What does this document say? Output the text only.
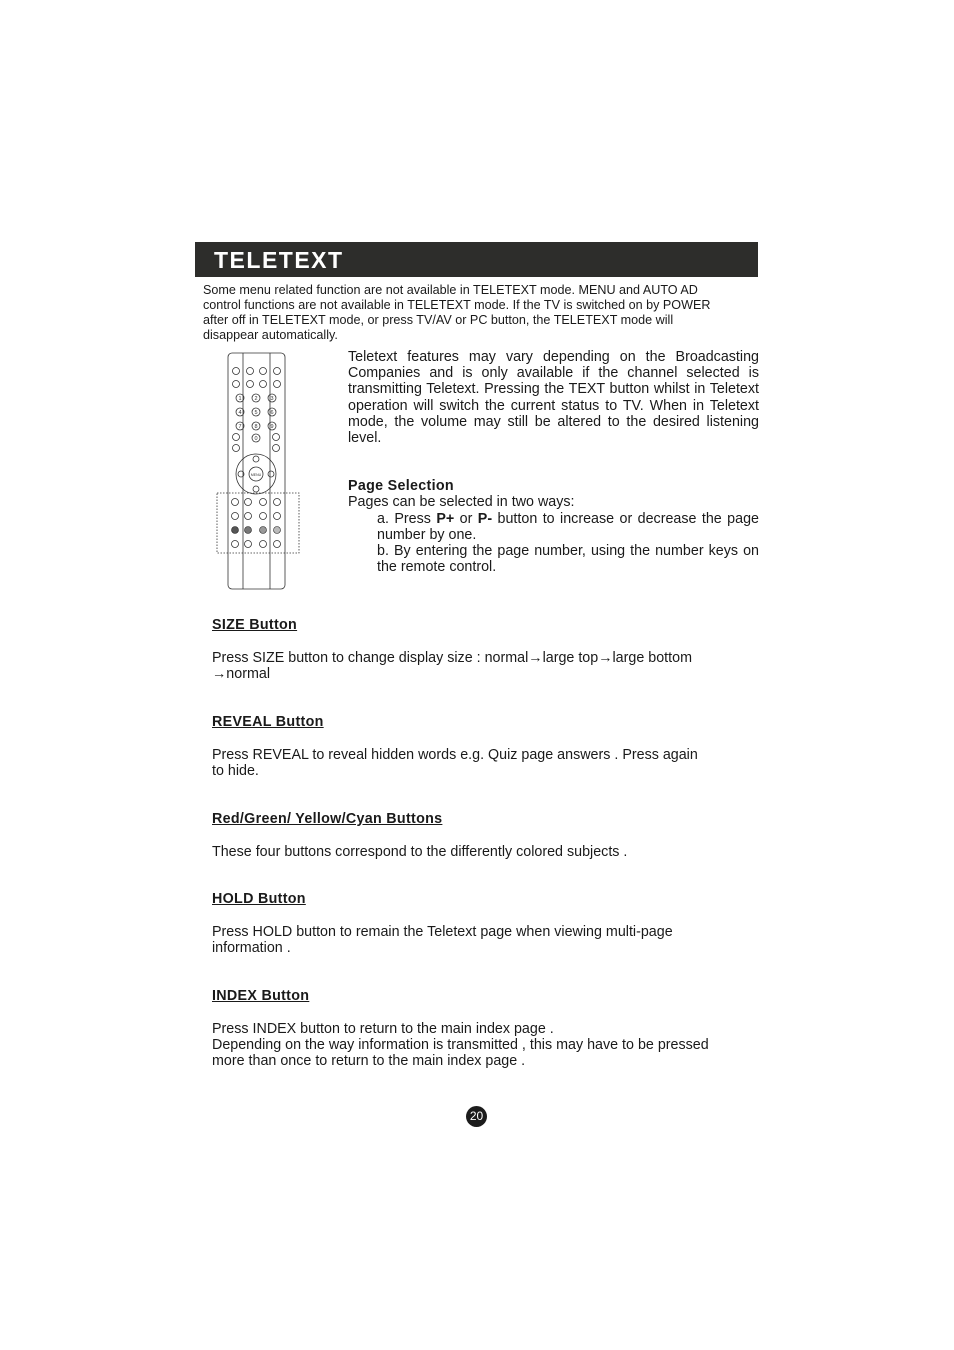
TELETEXT

Some menu related function are not available in TELETEXT mode. MENU and AUTO AD

control functions are not available in TELETEXT mode. If the TV is switched on by POWER

after off in TELETEXT mode, or press TV/AV or PC button, the TELETEXT mode will

disappear automatically.

1 2 3
4 5 6
7 8 9
0
MENU

Teletext features may vary depending on the Broadcasting Companies and is only available if the channel selected is transmitting Teletext. Pressing the TEXT button whilst in Teletext operation will switch the current status to TV. When in Teletext mode, the volume may still be altered to the desired listening level.

Page Selection

Pages can be selected in two ways:

a. Press P+ or P- button to increase or decrease the page number by one.

b. By entering the page number, using the number keys on the remote control.

SIZE Button

Press SIZE button to change display size : normal→large top→large bottom

→normal

REVEAL Button

Press REVEAL to reveal hidden words e.g. Quiz page answers . Press again

to hide.

Red/Green/ Yellow/Cyan Buttons

These four buttons correspond to the differently colored subjects .

HOLD Button

Press HOLD button to remain the Teletext page when viewing multi-page

information .

INDEX Button

Press INDEX button to return to the main index page .

Depending on the way information is transmitted , this may have to be pressed

more than once to return to the main index page .

20
